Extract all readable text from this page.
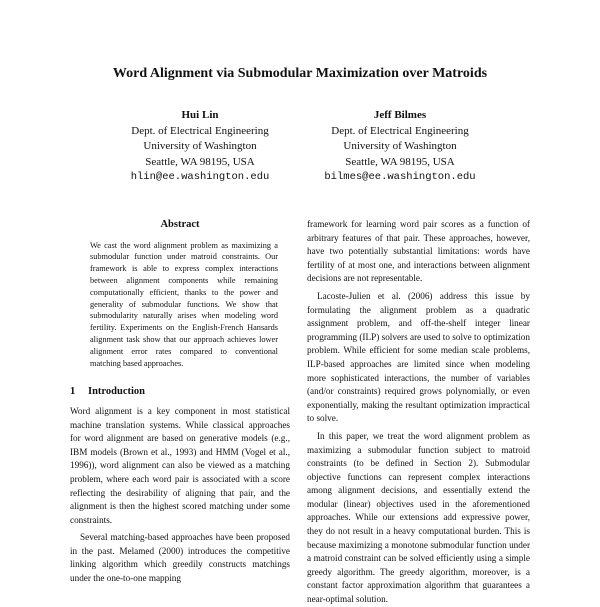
Word Alignment via Submodular Maximization over Matroids
Hui Lin
Dept. of Electrical Engineering
University of Washington
Seattle, WA 98195, USA
hlin@ee.washington.edu
Jeff Bilmes
Dept. of Electrical Engineering
University of Washington
Seattle, WA 98195, USA
bilmes@ee.washington.edu
Abstract

We cast the word alignment problem as maximizing a submodular function under matroid constraints. Our framework is able to express complex interactions between alignment components while remaining computationally efficient, thanks to the power and generality of submodular functions. We show that submodularity naturally arises when modeling word fertility. Experiments on the English-French Hansards alignment task show that our approach achieves lower alignment error rates compared to conventional matching based approaches.

1 Introduction

Word alignment is a key component in most statistical machine translation systems. While classical approaches for word alignment are based on generative models (e.g., IBM models (Brown et al., 1993) and HMM (Vogel et al., 1996)), word alignment can also be viewed as a matching problem, where each word pair is associated with a score reflecting the desirability of aligning that pair, and the alignment is then the highest scored matching under some constraints.

Several matching-based approaches have been proposed in the past. Melamed (2000) introduces the competitive linking algorithm which greedily constructs matchings under the one-to-one mapping

framework for learning word pair scores as a function of arbitrary features of that pair. These approaches, however, have two potentially substantial limitations: words have fertility of at most one, and interactions between alignment decisions are not representable.

Lacoste-Julien et al. (2006) address this issue by formulating the alignment problem as a quadratic assignment problem, and off-the-shelf integer linear programming (ILP) solvers are used to solve to optimization problem. While efficient for some median scale problems, ILP-based approaches are limited since when modeling more sophisticated interactions, the number of variables (and/or constraints) required grows polynomially, or even exponentially, making the resultant optimization impractical to solve.

In this paper, we treat the word alignment problem as maximizing a submodular function subject to matroid constraints (to be defined in Section 2). Submodular objective functions can represent complex interactions among alignment decisions, and essentially extend the modular (linear) objectives used in the aforementioned approaches. While our extensions add expressive power, they do not result in a heavy computational burden. This is because maximizing a monotone submodular function under a matroid constraint can be solved efficiently using a simple greedy algorithm. The greedy algorithm, moreover, is a constant factor approximation algorithm that guarantees a near-optimal solution.
